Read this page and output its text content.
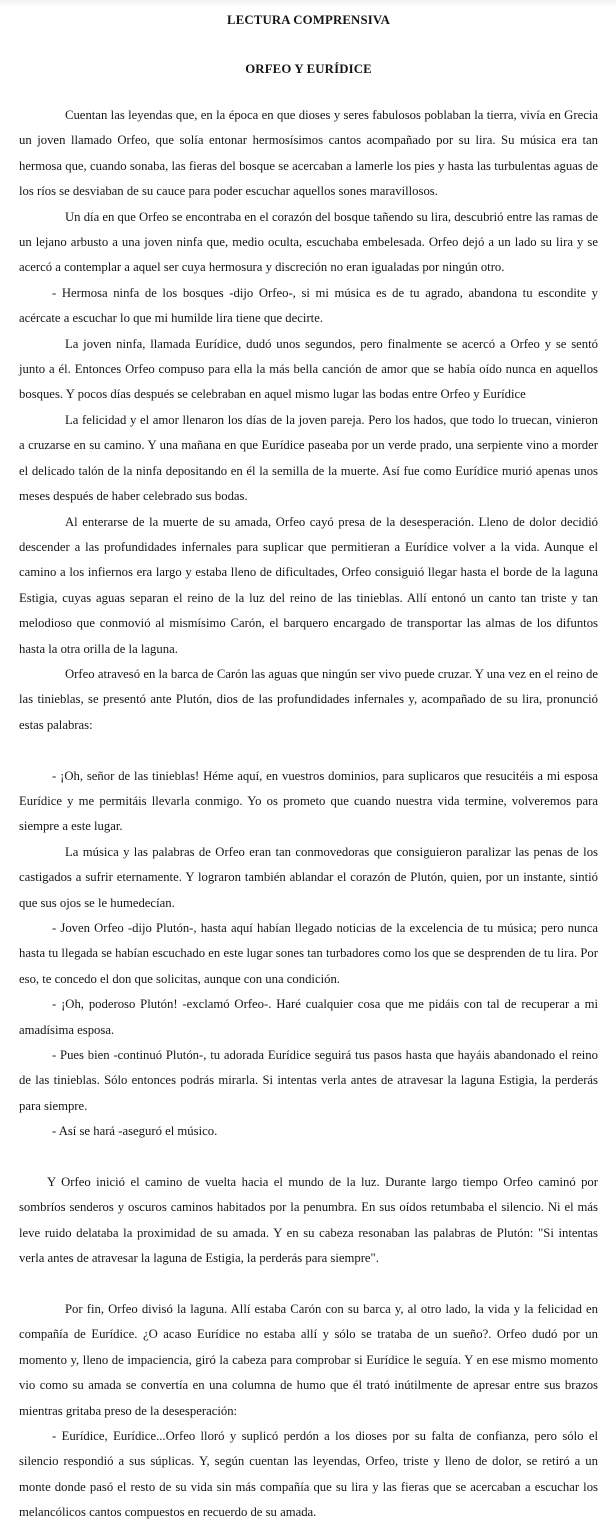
LECTURA COMPRENSIVA
ORFEO Y EURÍDICE

Cuentan las leyendas que, en la época en que dioses y seres fabulosos poblaban la tierra, vivía en Grecia un joven llamado Orfeo, que solía entonar hermosísimos cantos acompañado por su lira. Su música era tan hermosa que, cuando sonaba, las fieras del bosque se acercaban a lamerle los pies y hasta las turbulentas aguas de los ríos se desviaban de su cauce para poder escuchar aquellos sones maravillosos.

Un día en que Orfeo se encontraba en el corazón del bosque tañendo su lira, descubrió entre las ramas de un lejano arbusto a una joven ninfa que, medio oculta, escuchaba embelesada. Orfeo dejó a un lado su lira y se acercó a contemplar a aquel ser cuya hermosura y discreción no eran igualadas por ningún otro.

- Hermosa ninfa de los bosques -dijo Orfeo-, si mi música es de tu agrado, abandona tu escondite y acércate a escuchar lo que mi humilde lira tiene que decirte.

La joven ninfa, llamada Eurídice, dudó unos segundos, pero finalmente se acercó a Orfeo y se sentó junto a él. Entonces Orfeo compuso para ella la más bella canción de amor que se había oído nunca en aquellos bosques. Y pocos días después se celebraban en aquel mismo lugar las bodas entre Orfeo y Eurídice

La felicidad y el amor llenaron los días de la joven pareja. Pero los hados, que todo lo truecan, vinieron a cruzarse en su camino. Y una mañana en que Eurídice paseaba por un verde prado, una serpiente vino a morder el delicado talón de la ninfa depositando en él la semilla de la muerte. Así fue como Eurídice murió apenas unos meses después de haber celebrado sus bodas.

Al enterarse de la muerte de su amada, Orfeo cayó presa de la desesperación. Lleno de dolor decidió descender a las profundidades infernales para suplicar que permitieran a Eurídice volver a la vida. Aunque el camino a los infiernos era largo y estaba lleno de dificultades, Orfeo consiguió llegar hasta el borde de la laguna Estigia, cuyas aguas separan el reino de la luz del reino de las tinieblas. Allí entonó un canto tan triste y tan melodioso que conmovió al mismísimo Carón, el barquero encargado de transportar las almas de los difuntos hasta la otra orilla de la laguna.

Orfeo atravesó en la barca de Carón las aguas que ningún ser vivo puede cruzar. Y una vez en el reino de las tinieblas, se presentó ante Plutón, dios de las profundidades infernales y, acompañado de su lira, pronunció estas palabras:

- ¡Oh, señor de las tinieblas! Héme aquí, en vuestros dominios, para suplicaros que resucitéis a mi esposa Eurídice y me permitáis llevarla conmigo. Yo os prometo que cuando nuestra vida termine, volveremos para siempre a este lugar.

La música y las palabras de Orfeo eran tan conmovedoras que consiguieron paralizar las penas de los castigados a sufrir eternamente. Y lograron también ablandar el corazón de Plutón, quien, por un instante, sintió que sus ojos se le humedecían.

- Joven Orfeo -dijo Plutón-, hasta aquí habían llegado noticias de la excelencia de tu música; pero nunca hasta tu llegada se habían escuchado en este lugar sones tan turbadores como los que se desprenden de tu lira. Por eso, te concedo el don que solicitas, aunque con una condición.

- ¡Oh, poderoso Plutón! -exclamó Orfeo-. Haré cualquier cosa que me pidáis con tal de recuperar a mi amadísima esposa.

- Pues bien -continuó Plutón-, tu adorada Eurídice seguirá tus pasos hasta que hayáis abandonado el reino de las tinieblas. Sólo entonces podrás mirarla. Si intentas verla antes de atravesar la laguna Estigia, la perderás para siempre.

- Así se hará -aseguró el músico.

Y Orfeo inició el camino de vuelta hacia el mundo de la luz. Durante largo tiempo Orfeo caminó por sombríos senderos y oscuros caminos habitados por la penumbra. En sus oídos retumbaba el silencio. Ni el más leve ruido delataba la proximidad de su amada. Y en su cabeza resonaban las palabras de Plutón: "Si intentas verla antes de atravesar la laguna de Estigia, la perderás para siempre".

Por fin, Orfeo divisó la laguna. Allí estaba Carón con su barca y, al otro lado, la vida y la felicidad en compañía de Eurídice. ¿O acaso Eurídice no estaba allí y sólo se trataba de un sueño?. Orfeo dudó por un momento y, lleno de impaciencia, giró la cabeza para comprobar si Eurídice le seguía. Y en ese mismo momento vio como su amada se convertía en una columna de humo que él trató inútilmente de apresar entre sus brazos mientras gritaba preso de la desesperación:

- Eurídice, Eurídice...Orfeo lloró y suplicó perdón a los dioses por su falta de confianza, pero sólo el silencio respondió a sus súplicas. Y, según cuentan las leyendas, Orfeo, triste y lleno de dolor, se retiró a un monte donde pasó el resto de su vida sin más compañía que su lira y las fieras que se acercaban a escuchar los melancólicos cantos compuestos en recuerdo de su amada.
